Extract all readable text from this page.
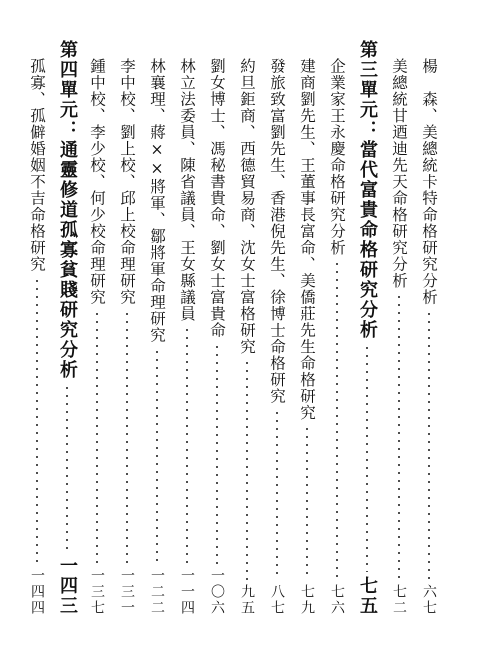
楊　森、美總統卡特命格研究分析
六七
美總統甘迺迪先天命格研究分析
七二
第三單元：當代富貴命格研究分析
七五
企業家王永慶命格研究分析
七六
建商劉先生、王董事長富命、美僑莊先生命格研究
七九
發旅致富劉先生、香港倪先生、徐博士命格研究
八七
約旦鉅商、西德貿易商、沈女士富格研究
九五
劉女博士、馮秘書貴命、劉女士富貴命
一〇六
林立法委員、陳省議員、王女縣議員
一一四
林襄理、蔣××將軍、鄒將軍命理研究
一二二
李中校、劉上校、邱上校命理研究
一三一
鍾中校、李少校、何少校命理研究
一三七
第四單元：通靈修道孤寡貧賤研究分析
一四三
孤寡、孤僻婚姻不吉命格研究
一四四
